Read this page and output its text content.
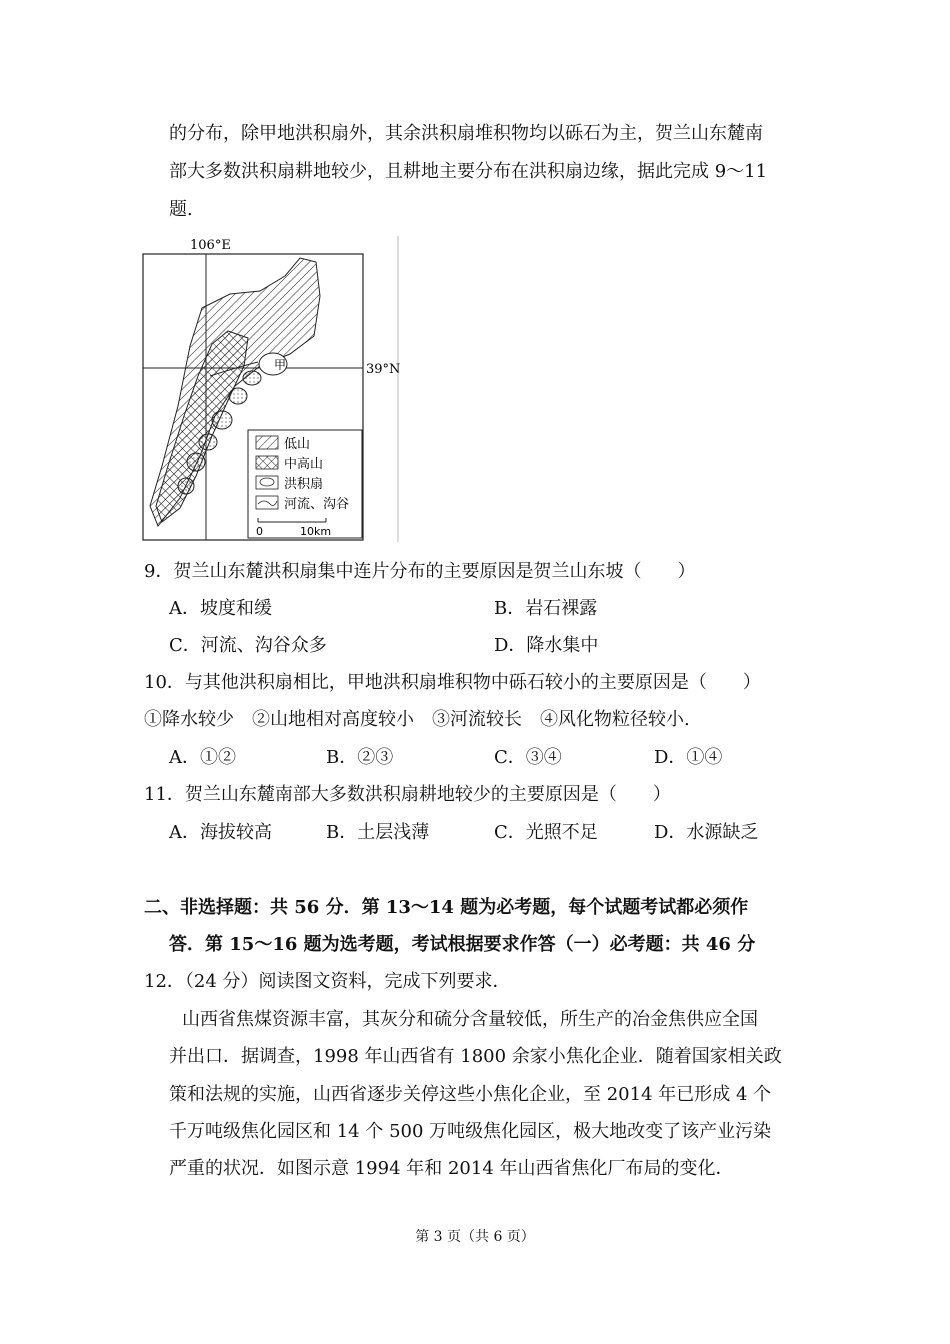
的分布，除甲地洪积扇外，其余洪积扇堆积物均以砾石为主，贺兰山东麓南
部大多数洪积扇耕地较少，且耕地主要分布在洪积扇边缘，据此完成 9～11
题.
106°E
39°N
甲
低山
中高山
洪积扇
河流、沟谷
0	10km
9．贺兰山东麓洪积扇集中连片分布的主要原因是贺兰山东坡（　　）
A．坡度和缓	B．岩石裸露
C．河流、沟谷众多	D．降水集中
10．与其他洪积扇相比，甲地洪积扇堆积物中砾石较小的主要原因是（　　）
①降水较少　②山地相对高度较小　③河流较长　④风化物粒径较小.
A．①②	B．②③	C．③④	D．①④
11．贺兰山东麓南部大多数洪积扇耕地较少的主要原因是（　　）
A．海拔较高	B．土层浅薄	C．光照不足	D．水源缺乏
二、非选择题：共 56 分．第 13～14 题为必考题，每个试题考试都必须作
答．第 15～16 题为选考题，考试根据要求作答（一）必考题：共 46 分
12．（24 分）阅读图文资料，完成下列要求．
山西省焦煤资源丰富，其灰分和硫分含量较低，所生产的冶金焦供应全国
并出口．据调查，1998 年山西省有 1800 余家小焦化企业．随着国家相关政
策和法规的实施，山西省逐步关停这些小焦化企业，至 2014 年已形成 4 个
千万吨级焦化园区和 14 个 500 万吨级焦化园区，极大地改变了该产业污染
严重的状况．如图示意 1994 年和 2014 年山西省焦化厂布局的变化．
第 3 页（共 6 页）
